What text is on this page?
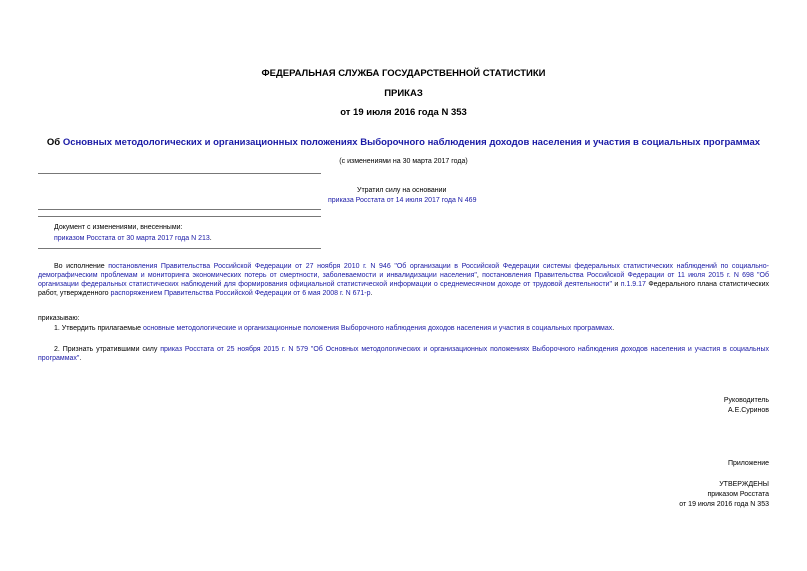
ФЕДЕРАЛЬНАЯ СЛУЖБА ГОСУДАРСТВЕННОЙ СТАТИСТИКИ
ПРИКАЗ
от 19 июля 2016 года N 353
Об Основных методологических и организационных положениях Выборочного наблюдения доходов населения и участия в социальных программах
(с изменениями на 30 марта 2017 года)
Утратил силу на основании
приказа Росстата от 14 июля 2017 года N 469
Документ с изменениями, внесенными:
приказом Росстата от 30 марта 2017 года N 213.
Во исполнение постановления Правительства Российской Федерации от 27 ноября 2010 г. N 946 "Об организации в Российской Федерации системы федеральных статистических наблюдений по социально-демографическим проблемам и мониторинга экономических потерь от смертности, заболеваемости и инвалидизации населения", постановления Правительства Российской Федерации от 11 июля 2015 г. N 698 "Об организации федеральных статистических наблюдений для формирования официальной статистической информации о среднемесячном доходе от трудовой деятельности" и п.1.9.17 Федерального плана статистических работ, утвержденного распоряжением Правительства Российской Федерации от 6 мая 2008 г. N 671-р.
приказываю:
1. Утвердить прилагаемые основные методологические и организационные положения Выборочного наблюдения доходов населения и участия в социальных программах.
2. Признать утратившими силу приказ Росстата от 25 ноября 2015 г. N 579 "Об Основных методологических и организационных положениях Выборочного наблюдения доходов населения и участия в социальных программах".
Руководитель
А.Е.Суринов
Приложение
УТВЕРЖДЕНЫ
приказом Росстата
от 19 июля 2016 года N 353
